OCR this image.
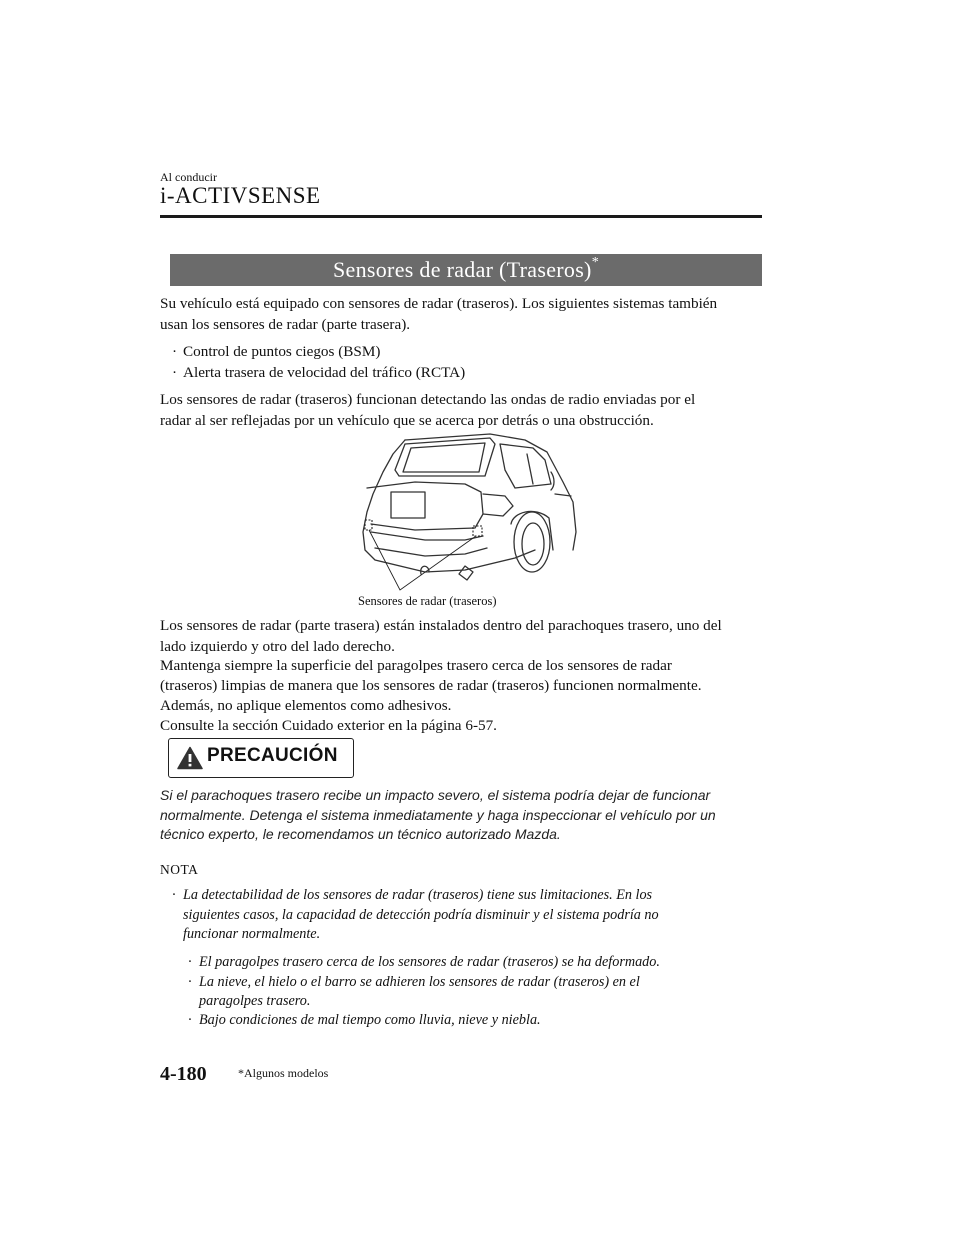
Al conducir
i-ACTIVSENSE
Sensores de radar (Traseros)*
Su vehículo está equipado con sensores de radar (traseros). Los siguientes sistemas también
usan los sensores de radar (parte trasera).
· Control de puntos ciegos (BSM)
· Alerta trasera de velocidad del tráfico (RCTA)
Los sensores de radar (traseros) funcionan detectando las ondas de radio enviadas por el
radar al ser reflejadas por un vehículo que se acerca por detrás o una obstrucción.
Sensores de radar (traseros)
Los sensores de radar (parte trasera) están instalados dentro del parachoques trasero, uno del
lado izquierdo y otro del lado derecho.
Mantenga siempre la superficie del paragolpes trasero cerca de los sensores de radar
(traseros) limpias de manera que los sensores de radar (traseros) funcionen normalmente.
Además, no aplique elementos como adhesivos.
Consulte la sección Cuidado exterior en la página 6-57.
PRECAUCIÓN
Si el parachoques trasero recibe un impacto severo, el sistema podría dejar de funcionar
normalmente. Detenga el sistema inmediatamente y haga inspeccionar el vehículo por un
técnico experto, le recomendamos un técnico autorizado Mazda.
NOTA
· La detectabilidad de los sensores de radar (traseros) tiene sus limitaciones. En los
siguientes casos, la capacidad de detección podría disminuir y el sistema podría no
funcionar normalmente.
· El paragolpes trasero cerca de los sensores de radar (traseros) se ha deformado.
· La nieve, el hielo o el barro se adhieren los sensores de radar (traseros) en el
paragolpes trasero.
· Bajo condiciones de mal tiempo como lluvia, nieve y niebla.
4-180	*Algunos modelos
